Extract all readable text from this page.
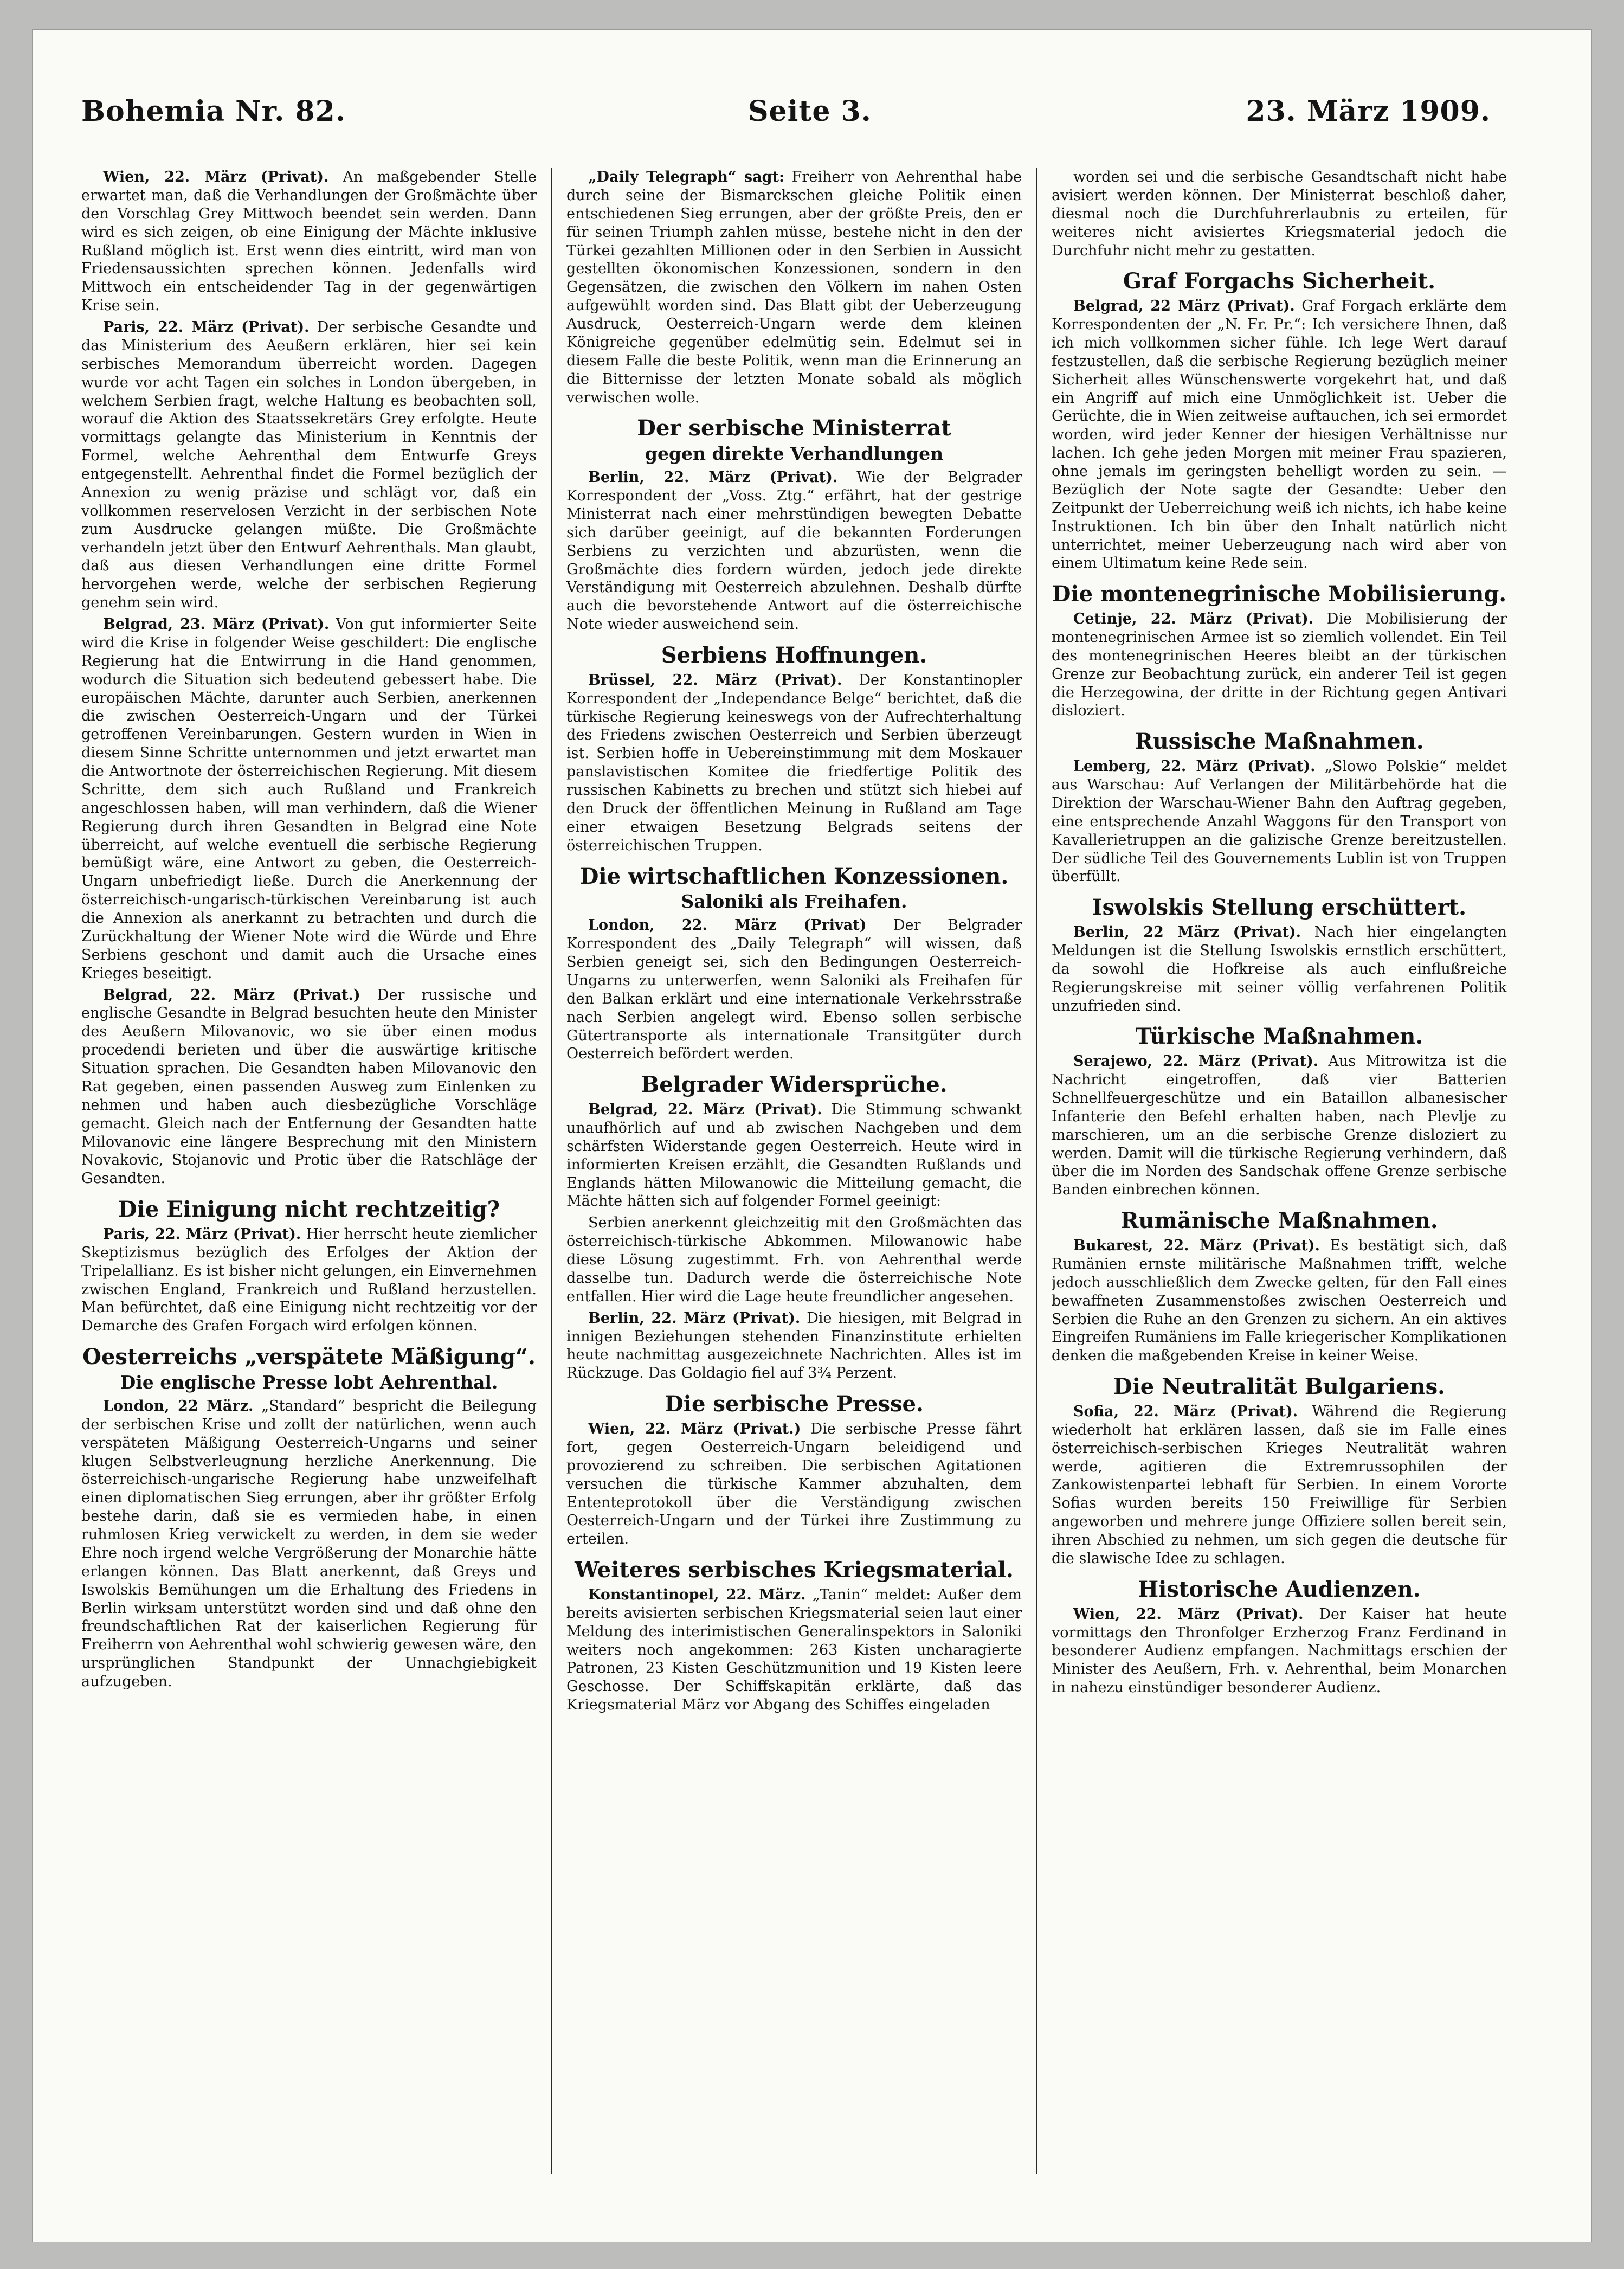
Bohemia Nr. 82.	Seite 3.	23. März 1909.

Wien, 22. März (Privat). An maßgebender Stelle erwartet man, daß die Verhandlungen der Großmächte über den Vorschlag Grey Mittwoch beendet sein werden. Dann wird es sich zeigen, ob eine Einigung der Mächte inklusive Rußland möglich ist. Erst wenn dies eintritt, wird man von Friedensaussichten sprechen können. Jedenfalls wird Mittwoch ein entscheidender Tag in der gegenwärtigen Krise sein.

Paris, 22. März (Privat). Der serbische Gesandte und das Ministerium des Aeußern erklären, hier sei kein serbisches Memorandum überreicht worden. Dagegen wurde vor acht Tagen ein solches in London übergeben, in welchem Serbien fragt, welche Haltung es beobachten soll, worauf die Aktion des Staatssekretärs Grey erfolgte. Heute vormittags gelangte das Ministerium in Kenntnis der Formel, welche Aehrenthal dem Entwurfe Greys entgegenstellt. Aehrenthal findet die Formel bezüglich der Annexion zu wenig präzise und schlägt vor, daß ein vollkommen reservelosen Verzicht in der serbischen Note zum Ausdrucke gelangen müßte. Die Großmächte verhandeln jetzt über den Entwurf Aehrenthals. Man glaubt, daß aus diesen Verhandlungen eine dritte Formel hervorgehen werde, welche der serbischen Regierung genehm sein wird.

Belgrad, 23. März (Privat). Von gut informierter Seite wird die Krise in folgender Weise geschildert: Die englische Regierung hat die Entwirrung in die Hand genommen, wodurch die Situation sich bedeutend gebessert habe. Die europäischen Mächte, darunter auch Serbien, anerkennen die zwischen Oesterreich-Ungarn und der Türkei getroffenen Vereinbarungen. Gestern wurden in Wien in diesem Sinne Schritte unternommen und jetzt erwartet man die Antwortnote der österreichischen Regierung. Mit diesem Schritte, dem sich auch Rußland und Frankreich angeschlossen haben, will man verhindern, daß die Wiener Regierung durch ihren Gesandten in Belgrad eine Note überreicht, auf welche eventuell die serbische Regierung bemüßigt wäre, eine Antwort zu geben, die Oesterreich-Ungarn unbefriedigt ließe. Durch die Anerkennung der österreichisch-ungarisch-türkischen Vereinbarung ist auch die Annexion als anerkannt zu betrachten und durch die Zurückhaltung der Wiener Note wird die Würde und Ehre Serbiens geschont und damit auch die Ursache eines Krieges beseitigt.

Belgrad, 22. März (Privat.) Der russische und englische Gesandte in Belgrad besuchten heute den Minister des Aeußern Milovanovic, wo sie über einen modus procedendi berieten und über die auswärtige kritische Situation sprachen. Die Gesandten haben Milovanovic den Rat gegeben, einen passenden Ausweg zum Einlenken zu nehmen und haben auch diesbezügliche Vorschläge gemacht. Gleich nach der Entfernung der Gesandten hatte Milovanovic eine längere Besprechung mit den Ministern Novakovic, Stojanovic und Protic über die Ratschläge der Gesandten.

Die Einigung nicht rechtzeitig?

Paris, 22. März (Privat). Hier herrscht heute ziemlicher Skeptizismus bezüglich des Erfolges der Aktion der Tripelallianz. Es ist bisher nicht gelungen, ein Einvernehmen zwischen England, Frankreich und Rußland herzustellen. Man befürchtet, daß eine Einigung nicht rechtzeitig vor der Demarche des Grafen Forgach wird erfolgen können.

Oesterreichs „verspätete Mäßigung“.
Die englische Presse lobt Aehrenthal.

London, 22 März. „Standard“ bespricht die Beilegung der serbischen Krise und zollt der natürlichen, wenn auch verspäteten Mäßigung Oesterreich-Ungarns und seiner klugen Selbstverleugnung herzliche Anerkennung. Die österreichisch-ungarische Regierung habe unzweifelhaft einen diplomatischen Sieg errungen, aber ihr größter Erfolg bestehe darin, daß sie es vermieden habe, in einen ruhmlosen Krieg verwickelt zu werden, in dem sie weder Ehre noch irgend welche Vergrößerung der Monarchie hätte erlangen können. Das Blatt anerkennt, daß Greys und Iswolskis Bemühungen um die Erhaltung des Friedens in Berlin wirksam unterstützt worden sind und daß ohne den freundschaftlichen Rat der kaiserlichen Regierung für Freiherrn von Aehrenthal wohl schwierig gewesen wäre, den ursprünglichen Standpunkt der Unnachgiebigkeit aufzugeben.

„Daily Telegraph“ sagt: Freiherr von Aehrenthal habe durch seine der Bismarckschen gleiche Politik einen entschiedenen Sieg errungen, aber der größte Preis, den er für seinen Triumph zahlen müsse, bestehe nicht in den der Türkei gezahlten Millionen oder in den Serbien in Aussicht gestellten ökonomischen Konzessionen, sondern in den Gegensätzen, die zwischen den Völkern im nahen Osten aufgewühlt worden sind. Das Blatt gibt der Ueberzeugung Ausdruck, Oesterreich-Ungarn werde dem kleinen Königreiche gegenüber edelmütig sein. Edelmut sei in diesem Falle die beste Politik, wenn man die Erinnerung an die Bitternisse der letzten Monate sobald als möglich verwischen wolle.

Der serbische Ministerrat
gegen direkte Verhandlungen

Berlin, 22. März (Privat). Wie der Belgrader Korrespondent der „Voss. Ztg.“ erfährt, hat der gestrige Ministerrat nach einer mehrstündigen bewegten Debatte sich darüber geeinigt, auf die bekannten Forderungen Serbiens zu verzichten und abzurüsten, wenn die Großmächte dies fordern würden, jedoch jede direkte Verständigung mit Oesterreich abzulehnen. Deshalb dürfte auch die bevorstehende Antwort auf die österreichische Note wieder ausweichend sein.

Serbiens Hoffnungen.

Brüssel, 22. März (Privat). Der Konstantinopler Korrespondent der „Independance Belge“ berichtet, daß die türkische Regierung keineswegs von der Aufrechterhaltung des Friedens zwischen Oesterreich und Serbien überzeugt ist. Serbien hoffe in Uebereinstimmung mit dem Moskauer panslavistischen Komitee die friedfertige Politik des russischen Kabinetts zu brechen und stützt sich hiebei auf den Druck der öffentlichen Meinung in Rußland am Tage einer etwaigen Besetzung Belgrads seitens der österreichischen Truppen.

Die wirtschaftlichen Konzessionen.
Saloniki als Freihafen.

London, 22. März (Privat) Der Belgrader Korrespondent des „Daily Telegraph“ will wissen, daß Serbien geneigt sei, sich den Bedingungen Oesterreich-Ungarns zu unterwerfen, wenn Saloniki als Freihafen für den Balkan erklärt und eine internationale Verkehrsstraße nach Serbien angelegt wird. Ebenso sollen serbische Gütertransporte als internationale Transitgüter durch Oesterreich befördert werden.

Belgrader Widersprüche.

Belgrad, 22. März (Privat). Die Stimmung schwankt unaufhörlich auf und ab zwischen Nachgeben und dem schärfsten Widerstande gegen Oesterreich. Heute wird in informierten Kreisen erzählt, die Gesandten Rußlands und Englands hätten Milowanowic die Mitteilung gemacht, die Mächte hätten sich auf folgender Formel geeinigt:

Serbien anerkennt gleichzeitig mit den Großmächten das österreichisch-türkische Abkommen. Milowanowic habe diese Lösung zugestimmt. Frh. von Aehrenthal werde dasselbe tun. Dadurch werde die österreichische Note entfallen. Hier wird die Lage heute freundlicher angesehen.

Berlin, 22. März (Privat). Die hiesigen, mit Belgrad in innigen Beziehungen stehenden Finanzinstitute erhielten heute nachmittag ausgezeichnete Nachrichten. Alles ist im Rückzuge. Das Goldagio fiel auf 3¾ Perzent.

Die serbische Presse.

Wien, 22. März (Privat.) Die serbische Presse fährt fort, gegen Oesterreich-Ungarn beleidigend und provozierend zu schreiben. Die serbischen Agitationen versuchen die türkische Kammer abzuhalten, dem Ententeprotokoll über die Verständigung zwischen Oesterreich-Ungarn und der Türkei ihre Zustimmung zu erteilen.

Weiteres serbisches Kriegsmaterial.

Konstantinopel, 22. März. „Tanin“ meldet: Außer dem bereits avisierten serbischen Kriegsmaterial seien laut einer Meldung des interimistischen Generalinspektors in Saloniki weiters noch angekommen: 263 Kisten uncharagierte Patronen, 23 Kisten Geschützmunition und 19 Kisten leere Geschosse. Der Schiffskapitän erklärte, daß das Kriegsmaterial März vor Abgang des Schiffes eingeladen

worden sei und die serbische Gesandtschaft nicht habe avisiert werden können. Der Ministerrat beschloß daher, diesmal noch die Durchfuhrerlaubnis zu erteilen, für weiteres nicht avisiertes Kriegsmaterial jedoch die Durchfuhr nicht mehr zu gestatten.

Graf Forgachs Sicherheit.

Belgrad, 22 März (Privat). Graf Forgach erklärte dem Korrespondenten der „N. Fr. Pr.“: Ich versichere Ihnen, daß ich mich vollkommen sicher fühle. Ich lege Wert darauf festzustellen, daß die serbische Regierung bezüglich meiner Sicherheit alles Wünschenswerte vorgekehrt hat, und daß ein Angriff auf mich eine Unmöglichkeit ist. Ueber die Gerüchte, die in Wien zeitweise auftauchen, ich sei ermordet worden, wird jeder Kenner der hiesigen Verhältnisse nur lachen. Ich gehe jeden Morgen mit meiner Frau spazieren, ohne jemals im geringsten behelligt worden zu sein. — Bezüglich der Note sagte der Gesandte: Ueber den Zeitpunkt der Ueberreichung weiß ich nichts, ich habe keine Instruktionen. Ich bin über den Inhalt natürlich nicht unterrichtet, meiner Ueberzeugung nach wird aber von einem Ultimatum keine Rede sein.

Die montenegrinische Mobilisierung.

Cetinje, 22. März (Privat). Die Mobilisierung der montenegrinischen Armee ist so ziemlich vollendet. Ein Teil des montenegrinischen Heeres bleibt an der türkischen Grenze zur Beobachtung zurück, ein anderer Teil ist gegen die Herzegowina, der dritte in der Richtung gegen Antivari disloziert.

Russische Maßnahmen.

Lemberg, 22. März (Privat). „Slowo Polskie“ meldet aus Warschau: Auf Verlangen der Militärbehörde hat die Direktion der Warschau-Wiener Bahn den Auftrag gegeben, eine entsprechende Anzahl Waggons für den Transport von Kavallerietruppen an die galizische Grenze bereitzustellen. Der südliche Teil des Gouvernements Lublin ist von Truppen überfüllt.

Iswolskis Stellung erschüttert.

Berlin, 22 März (Privat). Nach hier eingelangten Meldungen ist die Stellung Iswolskis ernstlich erschüttert, da sowohl die Hofkreise als auch einflußreiche Regierungskreise mit seiner völlig verfahrenen Politik unzufrieden sind.

Türkische Maßnahmen.

Serajewo, 22. März (Privat). Aus Mitrowitza ist die Nachricht eingetroffen, daß vier Batterien Schnellfeuergeschütze und ein Bataillon albanesischer Infanterie den Befehl erhalten haben, nach Plevlje zu marschieren, um an die serbische Grenze disloziert zu werden. Damit will die türkische Regierung verhindern, daß über die im Norden des Sandschak offene Grenze serbische Banden einbrechen können.

Rumänische Maßnahmen.

Bukarest, 22. März (Privat). Es bestätigt sich, daß Rumänien ernste militärische Maßnahmen trifft, welche jedoch ausschließlich dem Zwecke gelten, für den Fall eines bewaffneten Zusammenstoßes zwischen Oesterreich und Serbien die Ruhe an den Grenzen zu sichern. An ein aktives Eingreifen Rumäniens im Falle kriegerischer Komplikationen denken die maßgebenden Kreise in keiner Weise.

Die Neutralität Bulgariens.

Sofia, 22. März (Privat). Während die Regierung wiederholt hat erklären lassen, daß sie im Falle eines österreichisch-serbischen Krieges Neutralität wahren werde, agitieren die Extremrussophilen der Zankowistenpartei lebhaft für Serbien. In einem Vororte Sofias wurden bereits 150 Freiwillige für Serbien angeworben und mehrere junge Offiziere sollen bereit sein, ihren Abschied zu nehmen, um sich gegen die deutsche für die slawische Idee zu schlagen.

Historische Audienzen.

Wien, 22. März (Privat). Der Kaiser hat heute vormittags den Thronfolger Erzherzog Franz Ferdinand in besonderer Audienz empfangen. Nachmittags erschien der Minister des Aeußern, Frh. v. Aehrenthal, beim Monarchen in nahezu einstündiger besonderer Audienz.
